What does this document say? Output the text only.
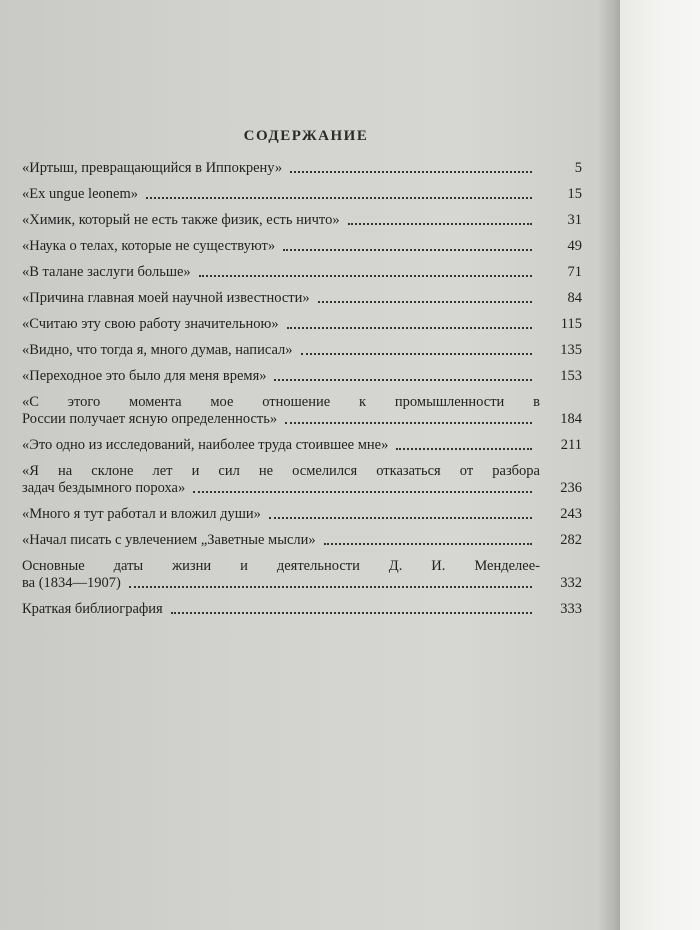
СОДЕРЖАНИЕ
«Иртыш, превращающийся в Иппокрену»	5
«Ex ungue leonem»	15
«Химик, который не есть также физик, есть ничто»	31
«Наука о телах, которые не существуют»	49
«В талане заслуги больше»	71
«Причина главная моей научной известности»	84
«Считаю эту свою работу значительною»	115
«Видно, что тогда я, много думав, написал»	135
«Переходное это было для меня время»	153
«С этого момента мое отношение к промышленности в
России получает ясную определенность»	184
«Это одно из исследований, наиболее труда стоившее мне»	211
«Я на склоне лет и сил не осмелился отказаться от разбора
задач бездымного пороха»	236
«Много я тут работал и вложил души»	243
«Начал писать с увлечением „Заветные мысли»	282
Основные даты жизни и деятельности Д. И. Менделее-
ва (1834—1907)	332
Краткая библиография	333
